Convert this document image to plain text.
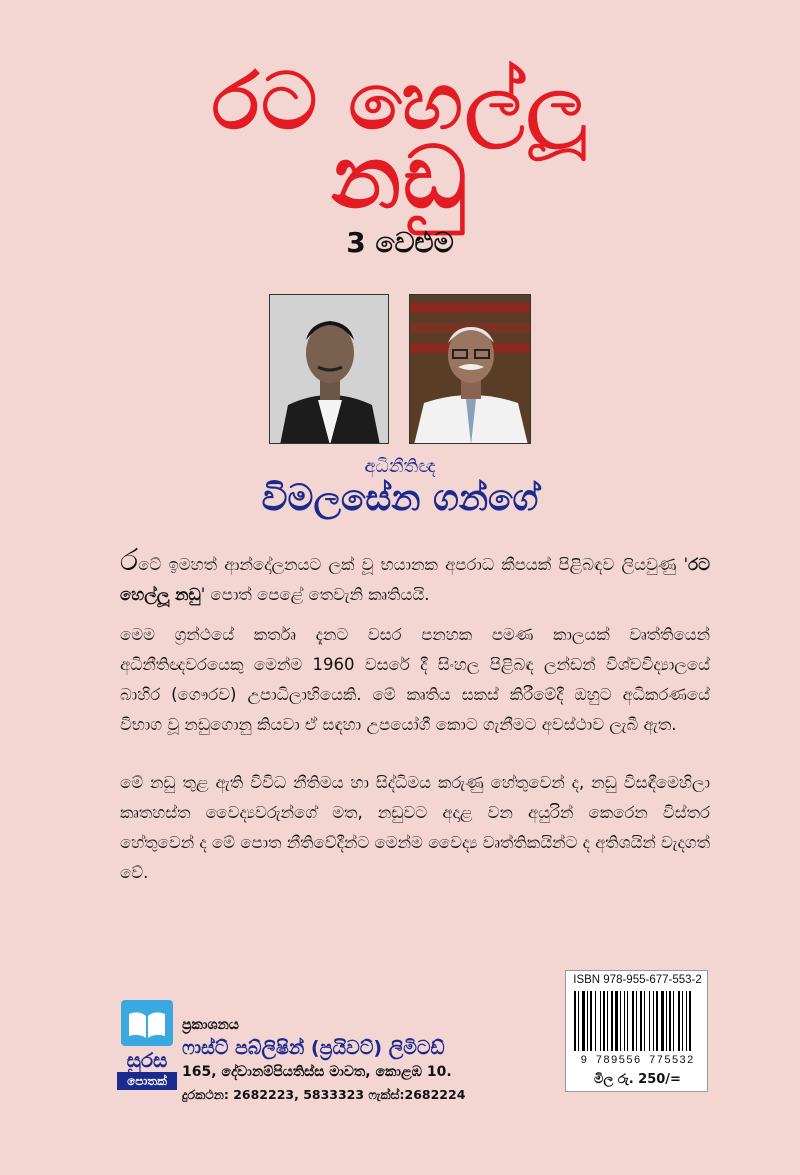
රට හෙල්ලූ
නඩු
3 වෙළුම
අධිනීතිඥ
විමලසේන ගන්ගේ

රටේ ඉමහත් ආන්දෝලනයට ලක් වූ භයානක අපරාධ කීපයක් පිළිබඳව ලියවුණු 'රට හෙල්ලූ නඩු' පොත් පෙළේ තෙවැනි කෘතියයි.

මෙම ග්‍රන්ථයේ කර්තෘ දැනට වසර පනහක පමණ කාලයක් වෘත්තියෙන් අධිනීතිඥවරයෙකු මෙන්ම 1960 වසරේ දී සිංහල පිළිබඳ ලන්ඩන් විශ්වවිද්‍යාලයේ බාහිර (ගෞරව) උපාධිලාභියෙකි. මේ කෘතිය සකස් කිරීමේදී ඔහුට අධිකරණයේ විභාග වූ නඩුගොනු කියවා ඒ සඳහා උපයෝගී කොට ගැනීමට අවස්ථාව ලැබී ඇත.

මේ නඩු තුළ ඇති විවිධ නීතිමය හා සිද්ධිමය කරුණු හේතුවෙන් ද, නඩු විසඳීමෙහිලා කෘතහස්ත වෛද්‍යවරුන්ගේ මත, නඩුවට අදාළ වන අයුරින් කෙරෙන විස්තර හේතුවෙන් ද මේ පොත නීතිවේදීන්ට මෙන්ම වෛද්‍ය වෘත්තිකයින්ට ද අතිශයින් වැදගත් වේ.

සුරස
පොතක්
ප්‍රකාශනය
ෆාස්ට් පබ්ලිෂින් (ප්‍රයිවට්) ලිමිටඩ්
165, දේවානම්පියතිස්ස මාවත, කොළඹ 10.
දුරකථන: 2682223, 5833323 ෆැක්ස්:2682224
ISBN 978-955-677-553-2
9 789556 775532
මිල රු. 250/=
